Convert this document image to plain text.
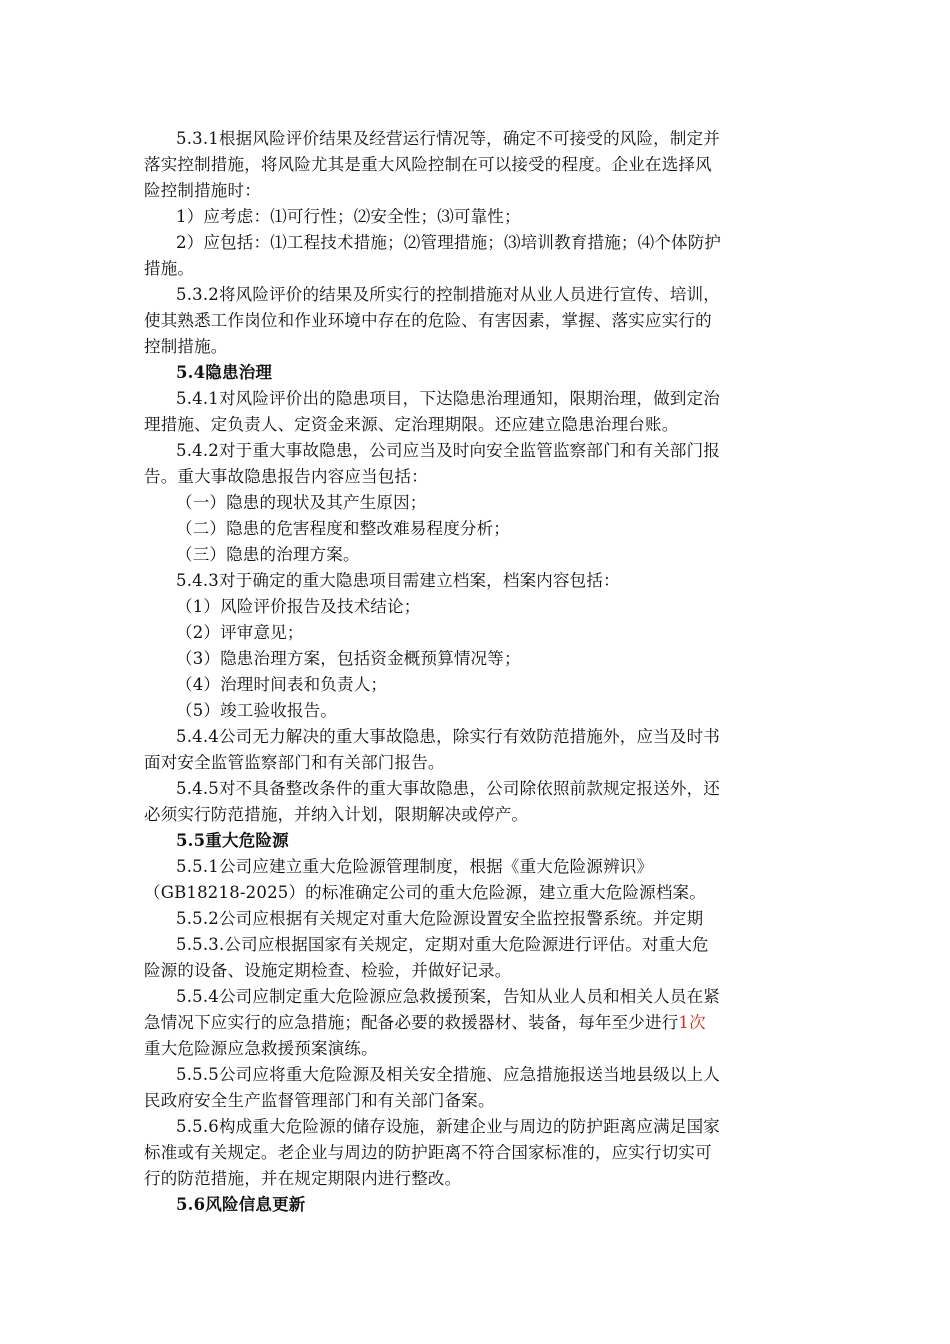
5.3.1根据风险评价结果及经营运行情况等，确定不可接受的风险，制定并
落实控制措施，将风险尤其是重大风险控制在可以接受的程度。企业在选择风
险控制措施时：
1）应考虑：⑴可行性；⑵安全性；⑶可靠性；
2）应包括：⑴工程技术措施；⑵管理措施；⑶培训教育措施；⑷个体防护
措施。
5.3.2将风险评价的结果及所实行的控制措施对从业人员进行宣传、培训，
使其熟悉工作岗位和作业环境中存在的危险、有害因素，掌握、落实应实行的
控制措施。
5.4隐患治理
5.4.1对风险评价出的隐患项目，下达隐患治理通知，限期治理，做到定治
理措施、定负责人、定资金来源、定治理期限。还应建立隐患治理台账。
5.4.2对于重大事故隐患，公司应当及时向安全监管监察部门和有关部门报
告。重大事故隐患报告内容应当包括：
（一）隐患的现状及其产生原因；
（二）隐患的危害程度和整改难易程度分析；
（三）隐患的治理方案。
5.4.3对于确定的重大隐患项目需建立档案，档案内容包括：
（1）风险评价报告及技术结论；
（2）评审意见；
（3）隐患治理方案，包括资金概预算情况等；
（4）治理时间表和负责人；
（5）竣工验收报告。
5.4.4公司无力解决的重大事故隐患，除实行有效防范措施外，应当及时书
面对安全监管监察部门和有关部门报告。
5.4.5对不具备整改条件的重大事故隐患，公司除依照前款规定报送外，还
必须实行防范措施，并纳入计划，限期解决或停产。
5.5重大危险源
5.5.1公司应建立重大危险源管理制度，根据《重大危险源辨识》
（GB18218-2025）的标准确定公司的重大危险源，建立重大危险源档案。
5.5.2公司应根据有关规定对重大危险源设置安全监控报警系统。并定期
5.5.3.公司应根据国家有关规定，定期对重大危险源进行评估。对重大危
险源的设备、设施定期检查、检验，并做好记录。
5.5.4公司应制定重大危险源应急救援预案，告知从业人员和相关人员在紧
急情况下应实行的应急措施；配备必要的救援器材、装备，每年至少进行1次
重大危险源应急救援预案演练。
5.5.5公司应将重大危险源及相关安全措施、应急措施报送当地县级以上人
民政府安全生产监督管理部门和有关部门备案。
5.5.6构成重大危险源的储存设施，新建企业与周边的防护距离应满足国家
标准或有关规定。老企业与周边的防护距离不符合国家标准的，应实行切实可
行的防范措施，并在规定期限内进行整改。
5.6风险信息更新
